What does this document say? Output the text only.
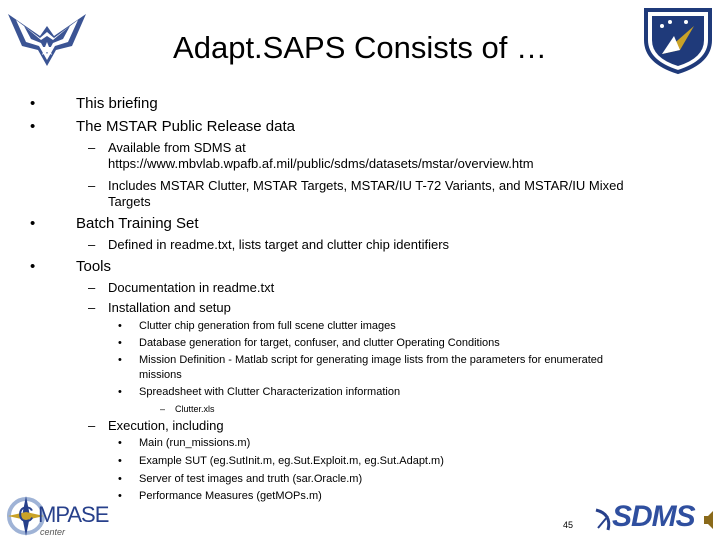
Adapt.SAPS Consists of …
•	This briefing
•	The MSTAR Public Release data
– Available from SDMS at
https://www.mbvlab.wpafb.af.mil/public/sdms/datasets/mstar/overview.htm
– Includes MSTAR Clutter, MSTAR Targets, MSTAR/IU T-72 Variants, and MSTAR/IU Mixed
Targets
•	Batch Training Set
– Defined in readme.txt, lists target and clutter chip identifiers
•	Tools
– Documentation in readme.txt
– Installation and setup
• Clutter chip generation from full scene clutter images
• Database generation for target, confuser, and clutter Operating Conditions
• Mission Definition - Matlab script for generating image lists from the parameters for enumerated
missions
• Spreadsheet with Clutter Characterization information
– Clutter.xls
– Execution, including
• Main (run_missions.m)
• Example SUT (eg.SutInit.m, eg.Sut.Exploit.m, eg.Sut.Adapt.m)
• Server of test images and truth (sar.Oracle.m)
• Performance Measures (getMOPs.m)
C MPASE
center
45 SDMS
